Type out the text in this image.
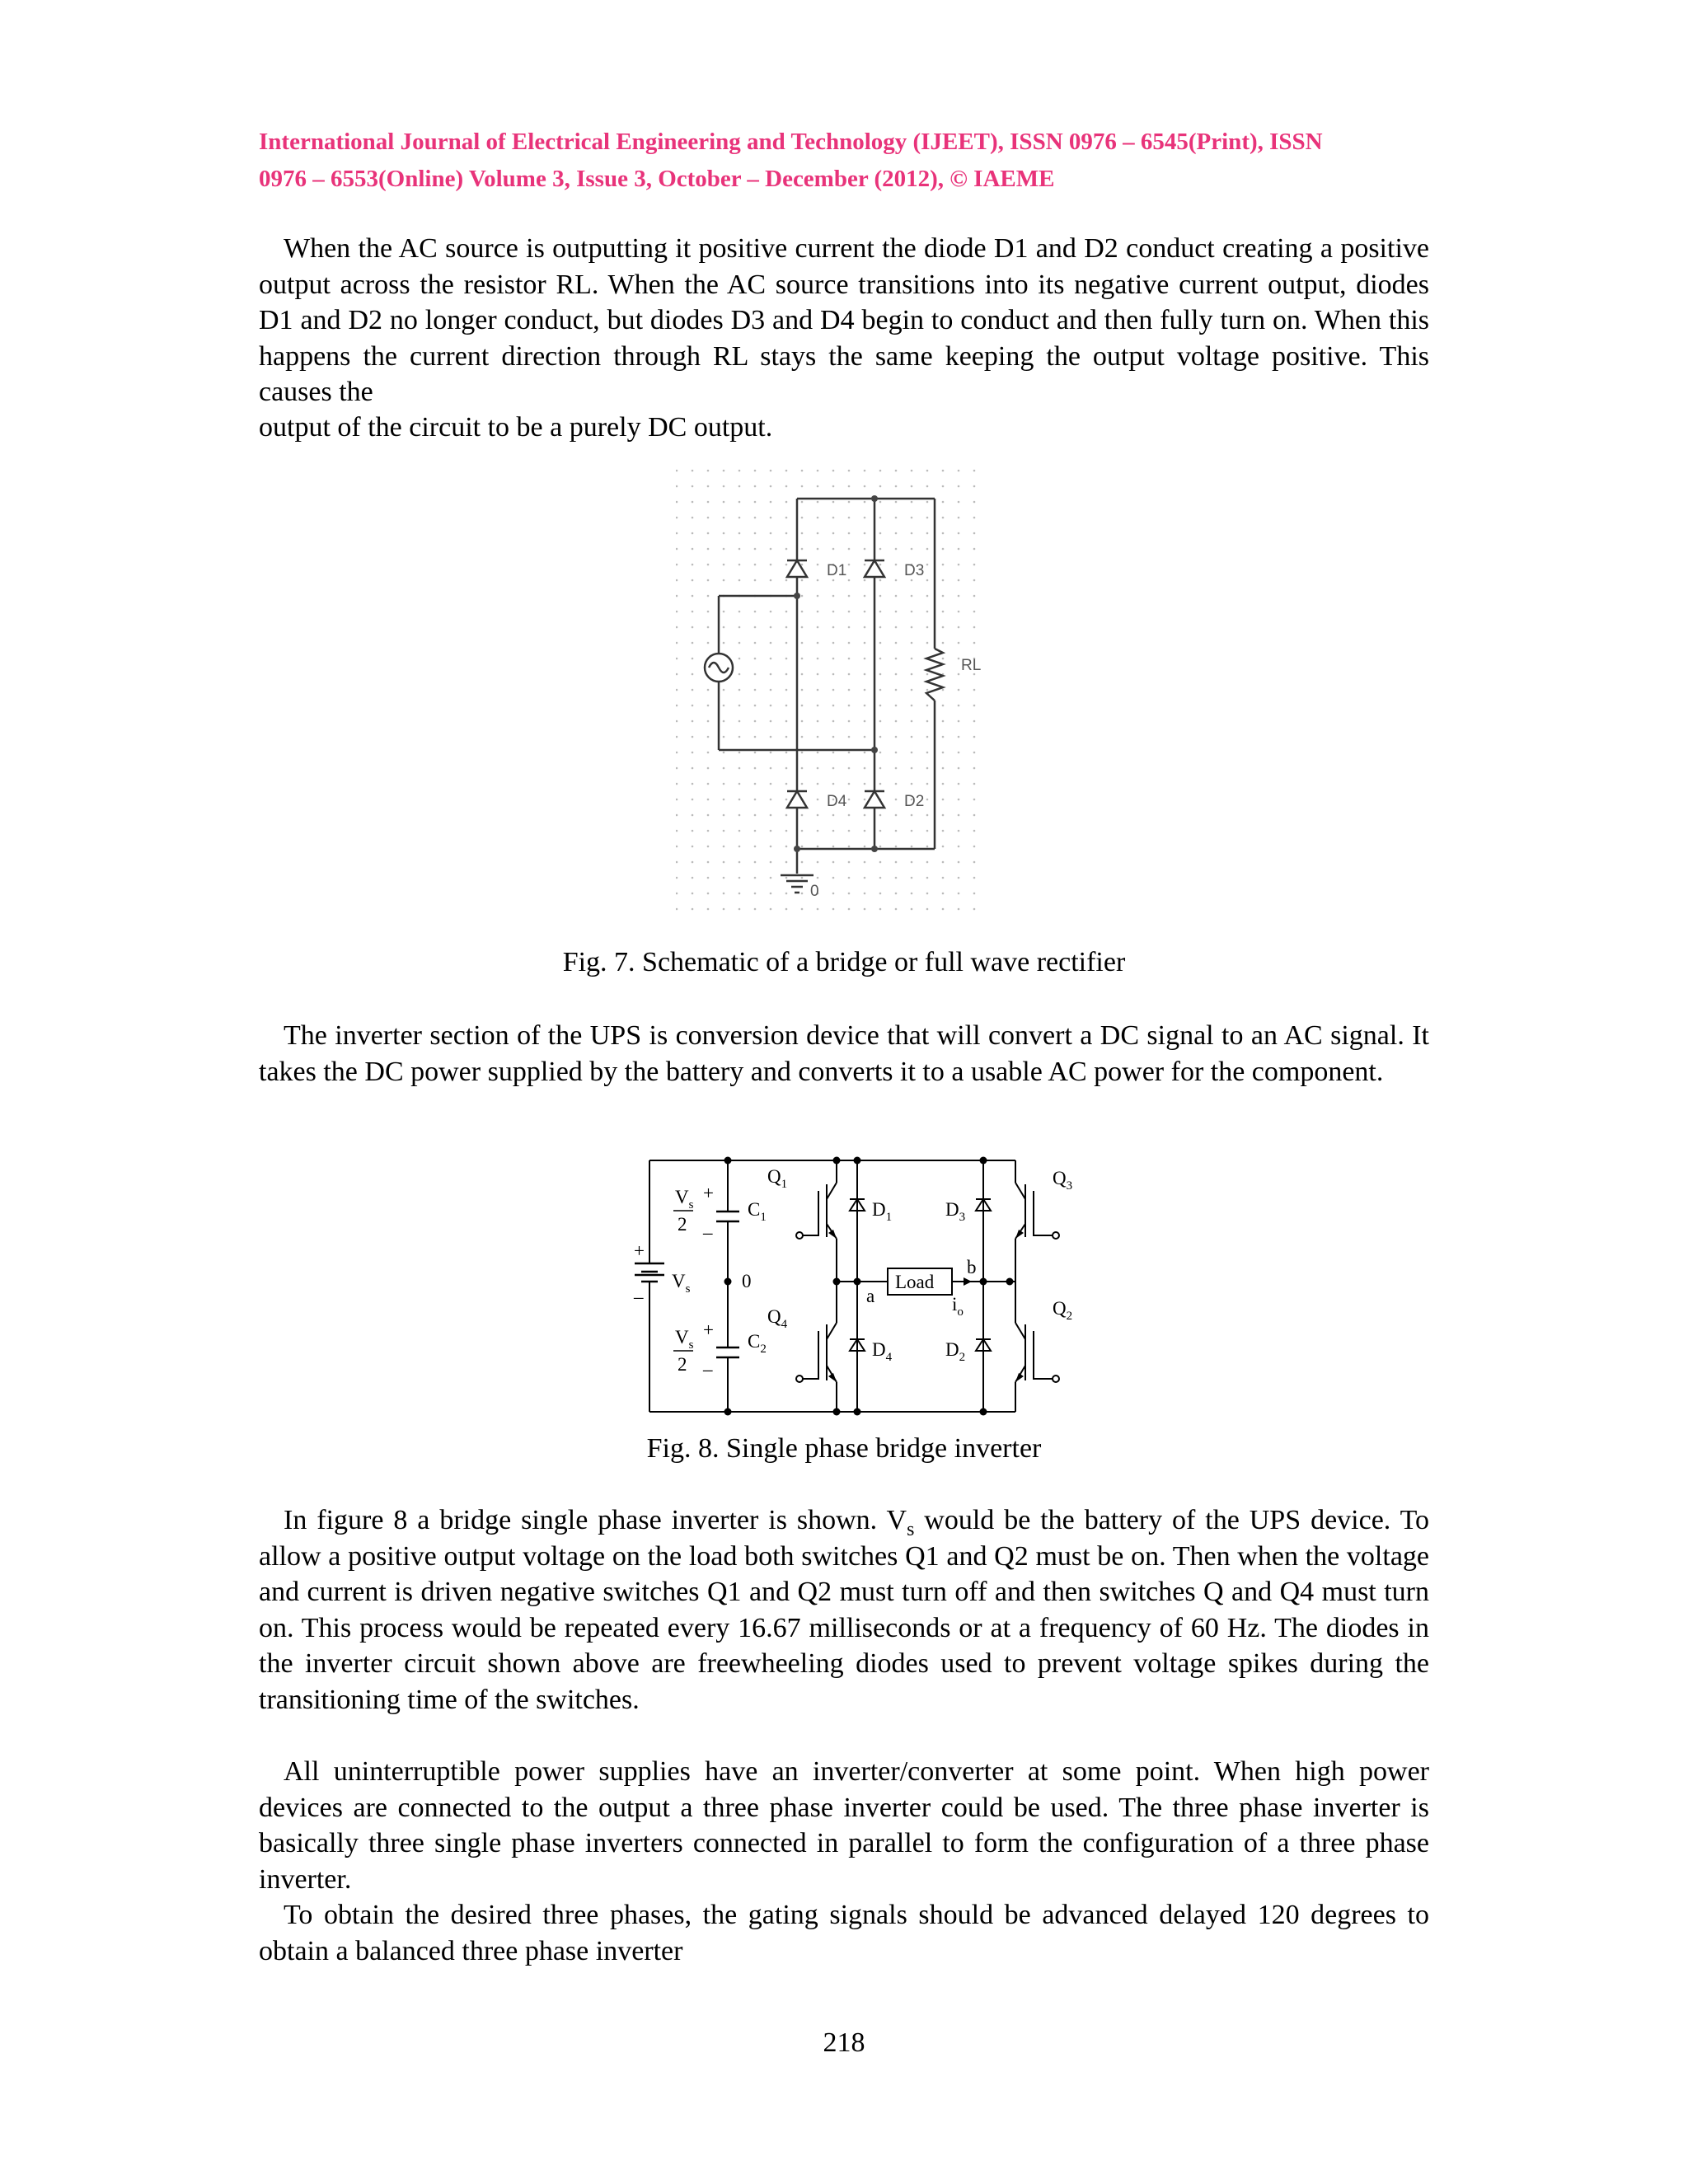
International Journal of Electrical Engineering and Technology (IJEET), ISSN 0976 – 6545(Print), ISSN
0976 – 6553(Online) Volume 3, Issue 3, October – December (2012), © IAEME

When the AC source is outputting it positive current the diode D1 and D2 conduct creating a positive output across the resistor RL. When the AC source transitions into its negative current output, diodes D1 and D2 no longer conduct, but diodes D3 and D4 begin to conduct and then fully turn on. When this happens the current direction through RL stays the same keeping the output voltage positive. This causes the

output of the circuit to be a purely DC output.

D1	D3
D4	D2
RL
0
Fig. 7. Schematic of a bridge or full wave rectifier

The inverter section of the UPS is conversion device that will convert a DC signal to an AC signal. It takes the DC power supplied by the battery and converts it to a usable AC power for the component.

$Q_1$
$Q_4$
$Q_3$
$Q_2$
$C_1$
$C_2$
$D_1$
$D_4$
$D_3$
$D_2$
$V_s$
2
$V_s$
2
+
–
+
–
+
–
$V_s$	0
a
b
Load
$i_o$
Fig. 8. Single phase bridge inverter

In figure 8 a bridge single phase inverter is shown. $V_s$ would be the battery of the UPS device. To allow a positive output voltage on the load both switches Q1 and Q2 must be on. Then when the voltage and current is driven negative switches Q1 and Q2 must turn off and then switches Q and Q4 must turn on. This process would be repeated every 16.67 milliseconds or at a frequency of 60 Hz. The diodes in the inverter circuit shown above are freewheeling diodes used to prevent voltage spikes during the transitioning time of the switches.

All uninterruptible power supplies have an inverter/converter at some point. When high power devices are connected to the output a three phase inverter could be used. The three phase inverter is basically three single phase inverters connected in parallel to form the configuration of a three phase inverter.

To obtain the desired three phases, the gating signals should be advanced delayed 120 degrees to obtain a balanced three phase inverter

218
